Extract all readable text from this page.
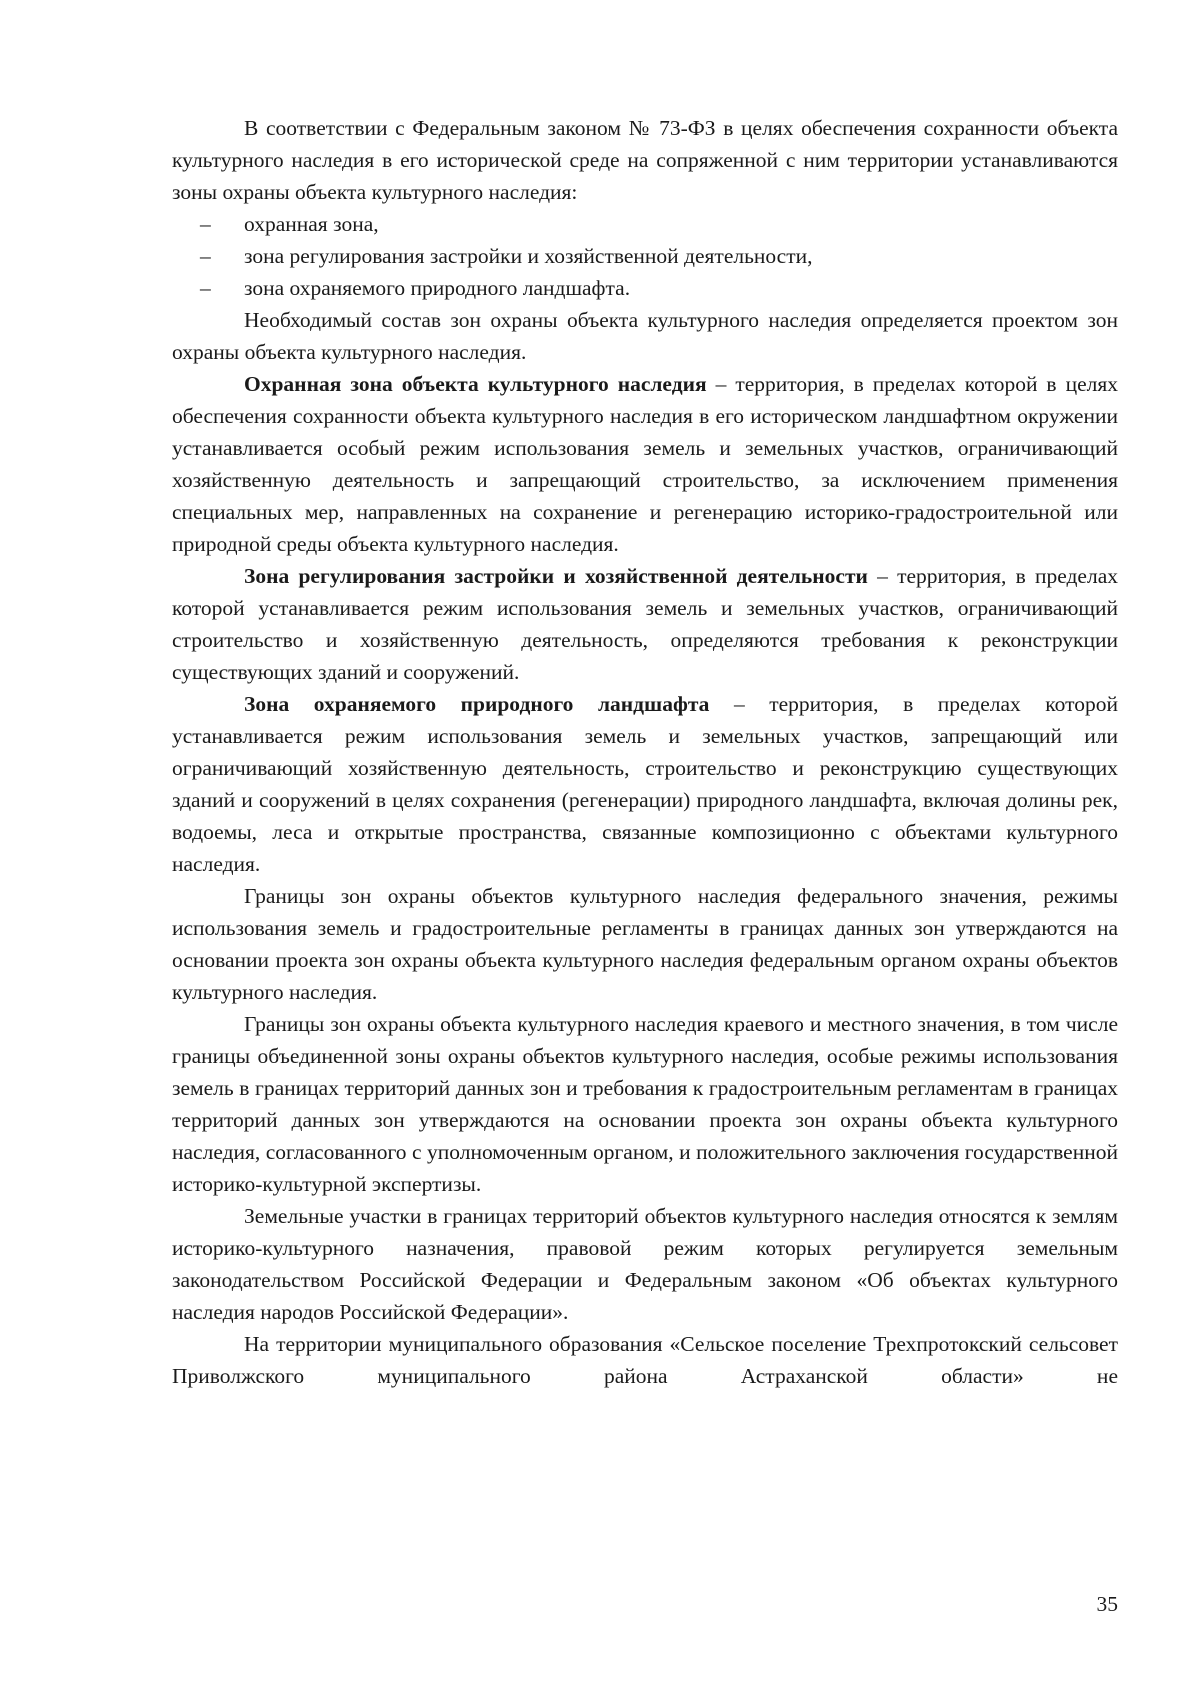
В соответствии с Федеральным законом № 73-ФЗ в целях обеспечения сохранности объекта культурного наследия в его исторической среде на сопряженной с ним территории устанавливаются зоны охраны объекта культурного наследия:

– охранная зона,
– зона регулирования застройки и хозяйственной деятельности,
– зона охраняемого природного ландшафта.

Необходимый состав зон охраны объекта культурного наследия определяется проектом зон охраны объекта культурного наследия.

Охранная зона объекта культурного наследия – территория, в пределах которой в целях обеспечения сохранности объекта культурного наследия в его историческом ландшафтном окружении устанавливается особый режим использования земель и земельных участков, ограничивающий хозяйственную деятельность и запрещающий строительство, за исключением применения специальных мер, направленных на сохранение и регенерацию историко-градостроительной или природной среды объекта культурного наследия.

Зона регулирования застройки и хозяйственной деятельности – территория, в пределах которой устанавливается режим использования земель и земельных участков, ограничивающий строительство и хозяйственную деятельность, определяются требования к реконструкции существующих зданий и сооружений.

Зона охраняемого природного ландшафта – территория, в пределах которой устанавливается режим использования земель и земельных участков, запрещающий или ограничивающий хозяйственную деятельность, строительство и реконструкцию существующих зданий и сооружений в целях сохранения (регенерации) природного ландшафта, включая долины рек, водоемы, леса и открытые пространства, связанные композиционно с объектами культурного наследия.

Границы зон охраны объектов культурного наследия федерального значения, режимы использования земель и градостроительные регламенты в границах данных зон утверждаются на основании проекта зон охраны объекта культурного наследия федеральным органом охраны объектов культурного наследия.

Границы зон охраны объекта культурного наследия краевого и местного значения, в том числе границы объединенной зоны охраны объектов культурного наследия, особые режимы использования земель в границах территорий данных зон и требования к градостроительным регламентам в границах территорий данных зон утверждаются на основании проекта зон охраны объекта культурного наследия, согласованного с уполномоченным органом, и положительного заключения государственной историко-культурной экспертизы.

Земельные участки в границах территорий объектов культурного наследия относятся к землям историко-культурного назначения, правовой режим которых регулируется земельным законодательством Российской Федерации и Федеральным законом «Об объектах культурного наследия народов Российской Федерации».

На территории муниципального образования «Сельское поселение Трехпротокский сельсовет Приволжского муниципального района Астраханской области» не

35
